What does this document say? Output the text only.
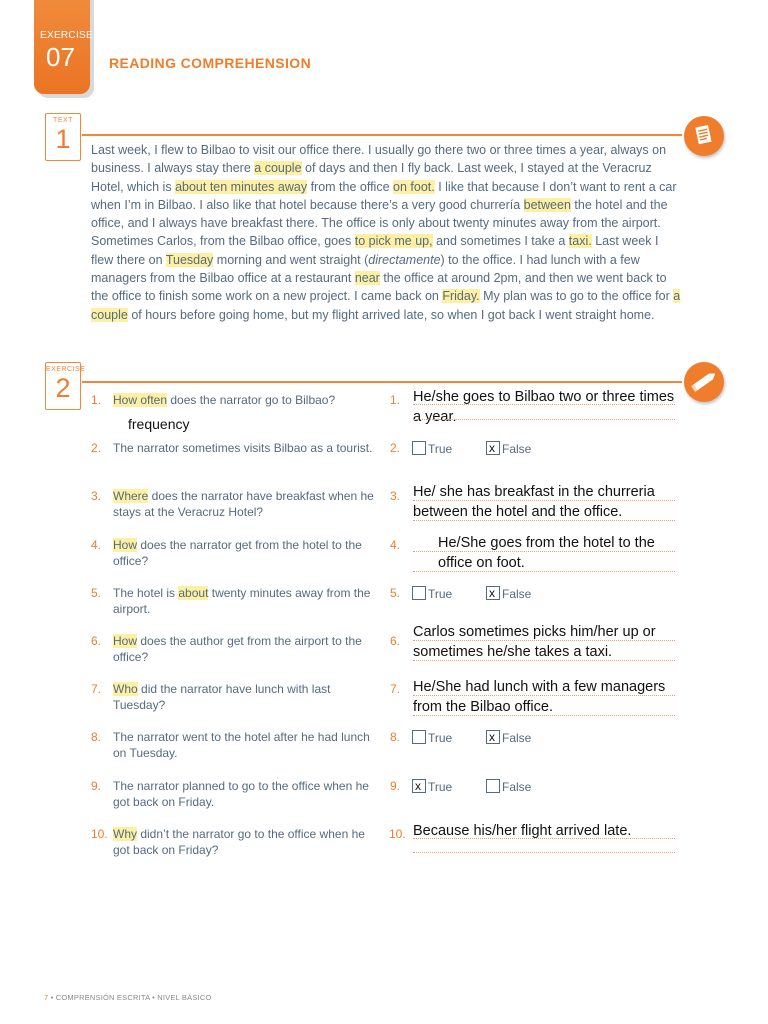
EXERCISE
07 READING COMPREHENSION
TEXT
1	Last week, I flew to Bilbao to visit our office there. I usually go there two or three times a year, always on business. I always stay there a couple of days and then I fly back. Last week, I stayed at the Veracruz Hotel, which is about ten minutes away from the office on foot. I like that because I don’t want to rent a car when I’m in Bilbao. I also like that hotel because there’s a very good churrería between the hotel and the office, and I always have breakfast there. The office is only about twenty minutes away from the airport. Sometimes Carlos, from the Bilbao office, goes to pick me up, and sometimes I take a taxi. Last week I flew there on Tuesday morning and went straight (directamente) to the office. I had lunch with a few managers from the Bilbao office at a restaurant near the office at around 2pm, and then we went back to the office to finish some work on a new project. I came back on Friday. My plan was to go to the office for a couple of hours before going home, but my flight arrived late, so when I got back I went straight home.
EXERCISE
2
frequency
1. How often does the narrator go to Bilbao?	1. He/she goes to Bilbao two or three times a year.
2. The narrator sometimes visits Bilbao as a tourist.	2.	True	x False
3. Where does the narrator have breakfast when he stays at the Veracruz Hotel?
3. He/ she has breakfast in the churreria between the hotel and the office.
4. How does the narrator get from the hotel to the office?
4.	He/She goes from the hotel to the office on foot.
5. The hotel is about twenty minutes away from the airport.
5.	True	x False
6. How does the author get from the airport to the office?
6.
Carlos sometimes picks him/her up or sometimes he/she takes a taxi.
7. Who did the narrator have lunch with last Tuesday?
7. He/She had lunch with a few managers from the Bilbao office.
8. The narrator went to the hotel after he had lunch on Tuesday.
8.	True	x False
9. The narrator planned to go to the office when he got back on Friday.
9. x True	False
10. Why didn’t the narrator go to the office when he got back on Friday?
10. Because his/her flight arrived late.
7 • COMPRENSIÓN ESCRITA • NIVEL BÁSICO
